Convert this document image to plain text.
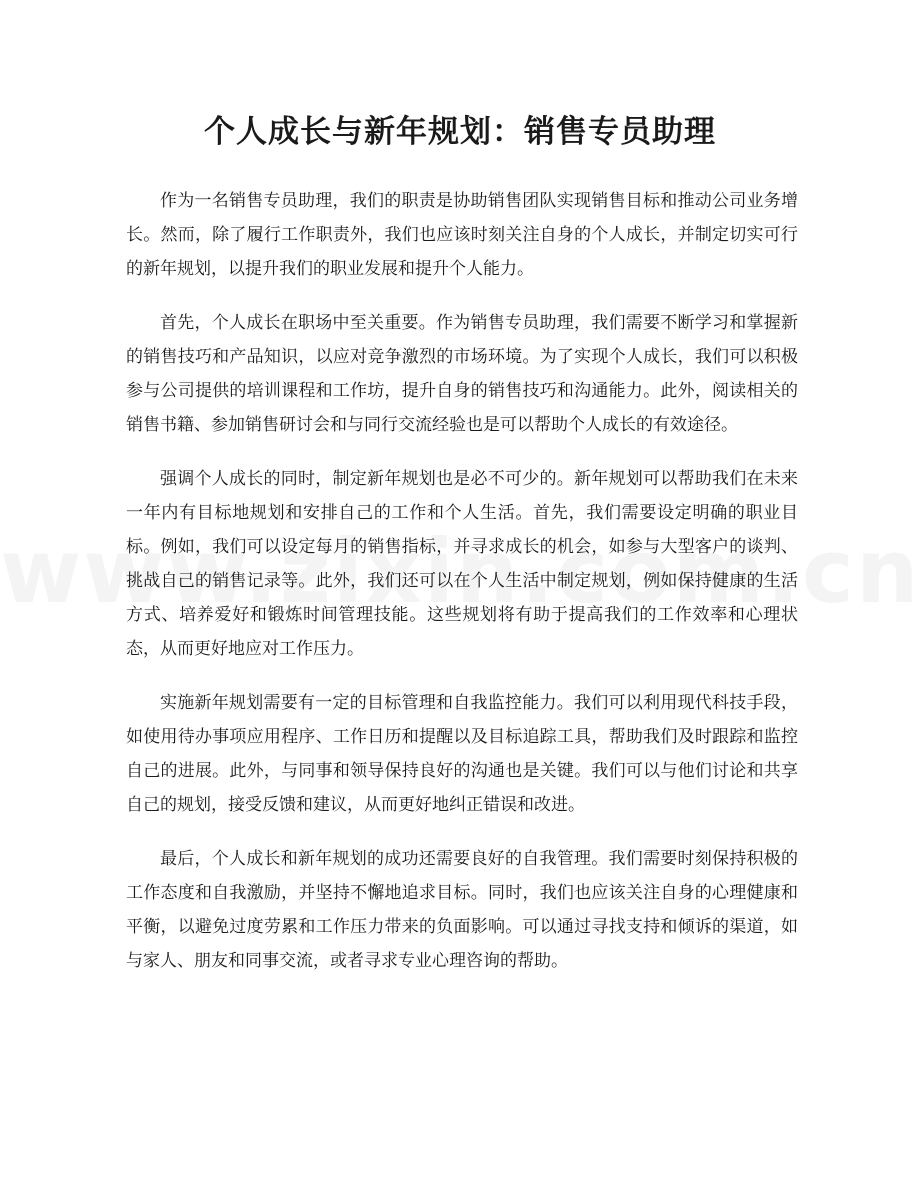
个人成长与新年规划：销售专员助理

作为一名销售专员助理，我们的职责是协助销售团队实现销售目标和推动公司业务增长。然而，除了履行工作职责外，我们也应该时刻关注自身的个人成长，并制定切实可行的新年规划，以提升我们的职业发展和提升个人能力。

首先，个人成长在职场中至关重要。作为销售专员助理，我们需要不断学习和掌握新的销售技巧和产品知识，以应对竞争激烈的市场环境。为了实现个人成长，我们可以积极参与公司提供的培训课程和工作坊，提升自身的销售技巧和沟通能力。此外，阅读相关的销售书籍、参加销售研讨会和与同行交流经验也是可以帮助个人成长的有效途径。

强调个人成长的同时，制定新年规划也是必不可少的。新年规划可以帮助我们在未来一年内有目标地规划和安排自己的工作和个人生活。首先，我们需要设定明确的职业目标。例如，我们可以设定每月的销售指标，并寻求成长的机会，如参与大型客户的谈判、挑战自己的销售记录等。此外，我们还可以在个人生活中制定规划，例如保持健康的生活方式、培养爱好和锻炼时间管理技能。这些规划将有助于提高我们的工作效率和心理状态，从而更好地应对工作压力。

实施新年规划需要有一定的目标管理和自我监控能力。我们可以利用现代科技手段，如使用待办事项应用程序、工作日历和提醒以及目标追踪工具，帮助我们及时跟踪和监控自己的进展。此外，与同事和领导保持良好的沟通也是关键。我们可以与他们讨论和共享自己的规划，接受反馈和建议，从而更好地纠正错误和改进。

最后，个人成长和新年规划的成功还需要良好的自我管理。我们需要时刻保持积极的工作态度和自我激励，并坚持不懈地追求目标。同时，我们也应该关注自身的心理健康和平衡，以避免过度劳累和工作压力带来的负面影响。可以通过寻找支持和倾诉的渠道，如与家人、朋友和同事交流，或者寻求专业心理咨询的帮助。
